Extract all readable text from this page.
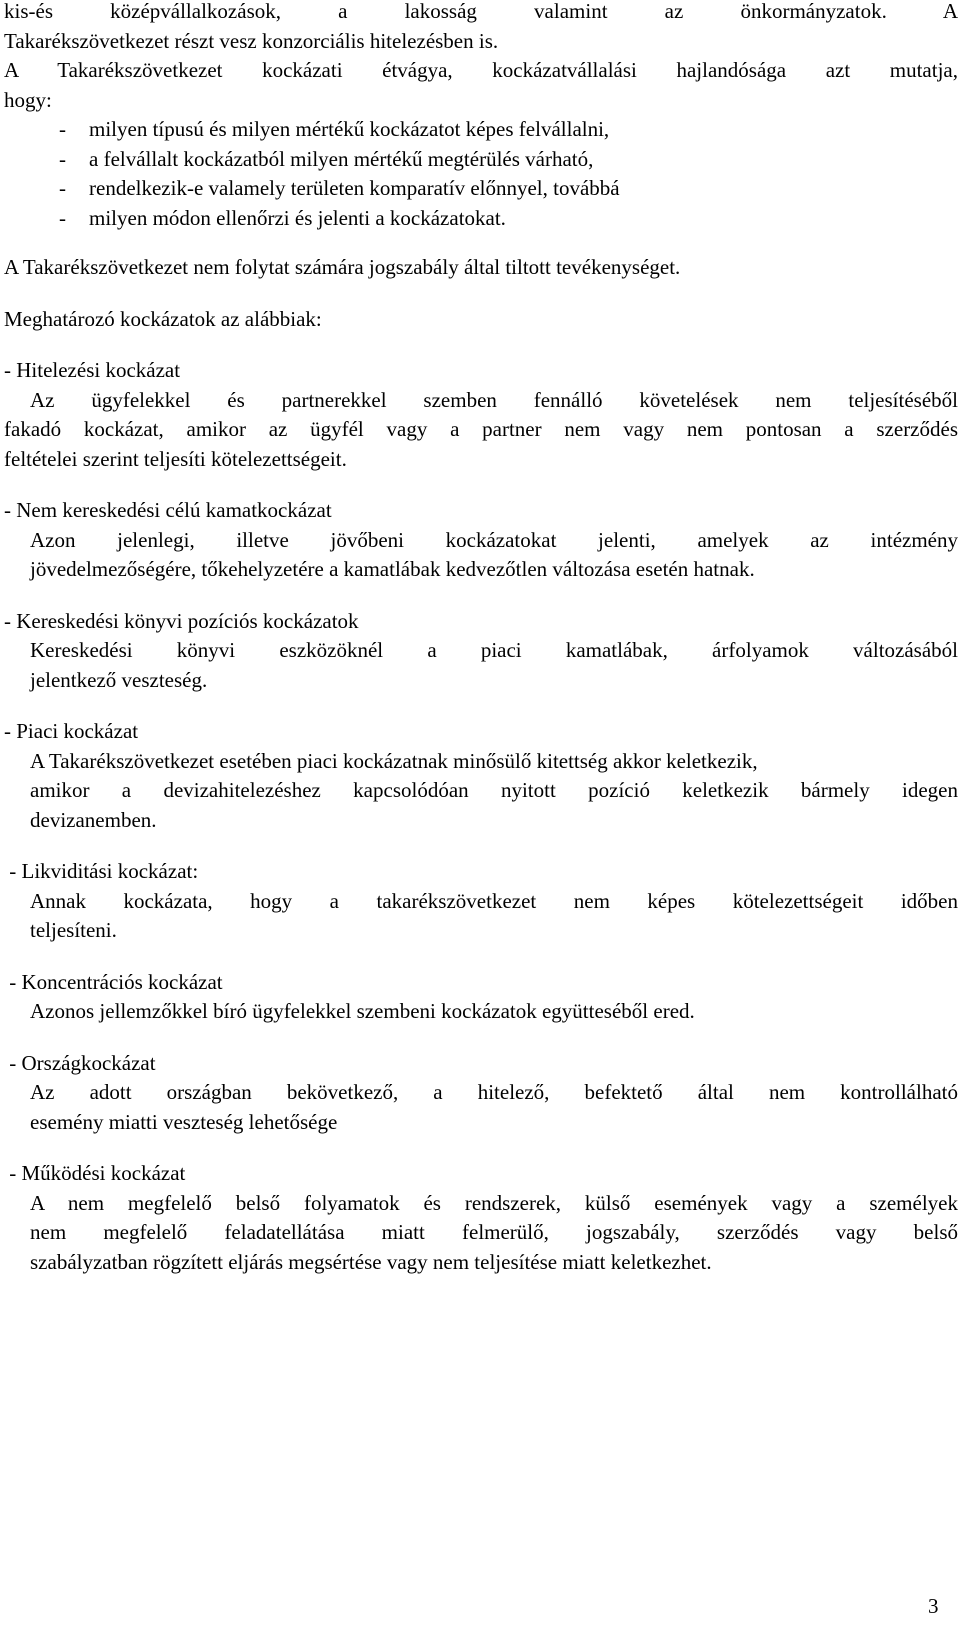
kis-és középvállalkozások, a lakosság valamint az önkormányzatok. A

Takarékszövetkezet részt vesz konzorciális hitelezésben is.

A Takarékszövetkezet kockázati étvágya, kockázatvállalási hajlandósága azt mutatja,

hogy:

- milyen típusú és milyen mértékű kockázatot képes felvállalni,
- a felvállalt kockázatból milyen mértékű megtérülés várható,
- rendelkezik-e valamely területen komparatív előnnyel, továbbá
- milyen módon ellenőrzi és jelenti a kockázatokat.

A Takarékszövetkezet nem folytat számára jogszabály által tiltott tevékenységet.

Meghatározó kockázatok az alábbiak:

- Hitelezési kockázat

Az ügyfelekkel és partnerekkel szemben fennálló követelések nem teljesítéséből
fakadó kockázat, amikor az ügyfél vagy a partner nem vagy nem pontosan a szerződés
feltételei szerint teljesíti kötelezettségeit.

- Nem kereskedési célú kamatkockázat

Azon jelenlegi, illetve jövőbeni kockázatokat jelenti, amelyek az intézmény
jövedelmezőségére, tőkehelyzetére a kamatlábak kedvezőtlen változása esetén hatnak.

- Kereskedési könyvi pozíciós kockázatok

Kereskedési könyvi eszközöknél a piaci kamatlábak, árfolyamok változásából
jelentkező veszteség.

- Piaci kockázat

A Takarékszövetkezet esetében piaci kockázatnak minősülő kitettség akkor keletkezik,
amikor a devizahitelezéshez kapcsolódóan nyitott pozíció keletkezik bármely idegen
devizanemben.

- Likviditási kockázat:

Annak kockázata, hogy a takarékszövetkezet nem képes kötelezettségeit időben
teljesíteni.

- Koncentrációs kockázat

Azonos jellemzőkkel bíró ügyfelekkel szembeni kockázatok együtteséből ered.

- Országkockázat

Az adott országban bekövetkező, a hitelező, befektető által nem kontrollálható
esemény miatti veszteség lehetősége

- Működési kockázat

A nem megfelelő belső folyamatok és rendszerek, külső események vagy a személyek
nem megfelelő feladatellátása miatt felmerülő, jogszabály, szerződés vagy belső
szabályzatban rögzített eljárás megsértése vagy nem teljesítése miatt keletkezhet.

3
